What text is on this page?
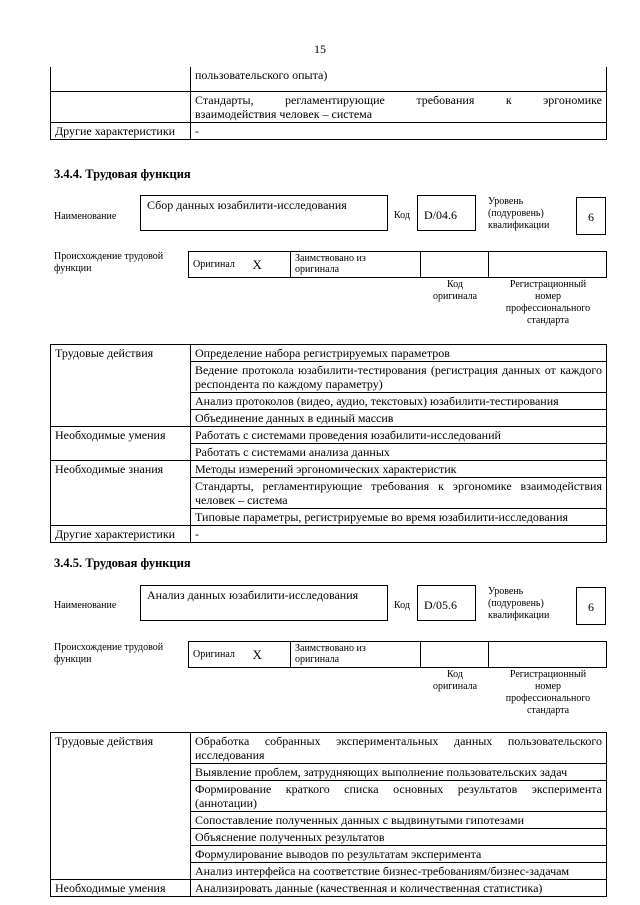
15
	пользовательского опыта)

	Стандарты, регламентирующие требования к эргономике
взаимодействия человек – система

Другие характеристики	-
3.4.4. Трудовая функция
Наименование
Сбор данных юзабилити-исследования
Код	D/04.6
Уровень
(подуровень)
квалификации
6
Происхождение трудовой
функции	Оригинал	X	Заимствовано из
оригинала

Код
оригинала
Регистрационный
номер
профессионального
стандарта
Трудовые действия	Определение набора регистрируемых параметров
	Ведение протокола юзабилити-тестирования (регистрация данных от каждого респондента по каждому параметру)
	Анализ протоколов (видео, аудио, текстовых) юзабилити-тестирования
	Объединение данных в единый массив
Необходимые умения	Работать с системами проведения юзабилити-исследований
	Работать с системами анализа данных
Необходимые знания	Методы измерений эргономических характеристик
	Стандарты, регламентирующие требования к эргономике взаимодействия человек – система
	Типовые параметры, регистрируемые во время юзабилити-исследования
Другие характеристики	-
3.4.5. Трудовая функция
Наименование
Анализ данных юзабилити-исследования
Код	D/05.6
Уровень
(подуровень)
квалификации
6
Происхождение трудовой
функции	Оригинал	X	Заимствовано из
оригинала

Код
оригинала
Регистрационный
номер
профессионального
стандарта
Трудовые действия	Обработка собранных экспериментальных данных пользовательского исследования
	Выявление проблем, затрудняющих выполнение пользовательских задач
	Формирование краткого списка основных результатов эксперимента (аннотации)
	Сопоставление полученных данных с выдвинутыми гипотезами
	Объяснение полученных результатов
	Формулирование выводов по результатам эксперимента
	Анализ интерфейса на соответствие бизнес-требованиям/бизнес-задачам
Необходимые умения	Анализировать данные (качественная и количественная статистика)
